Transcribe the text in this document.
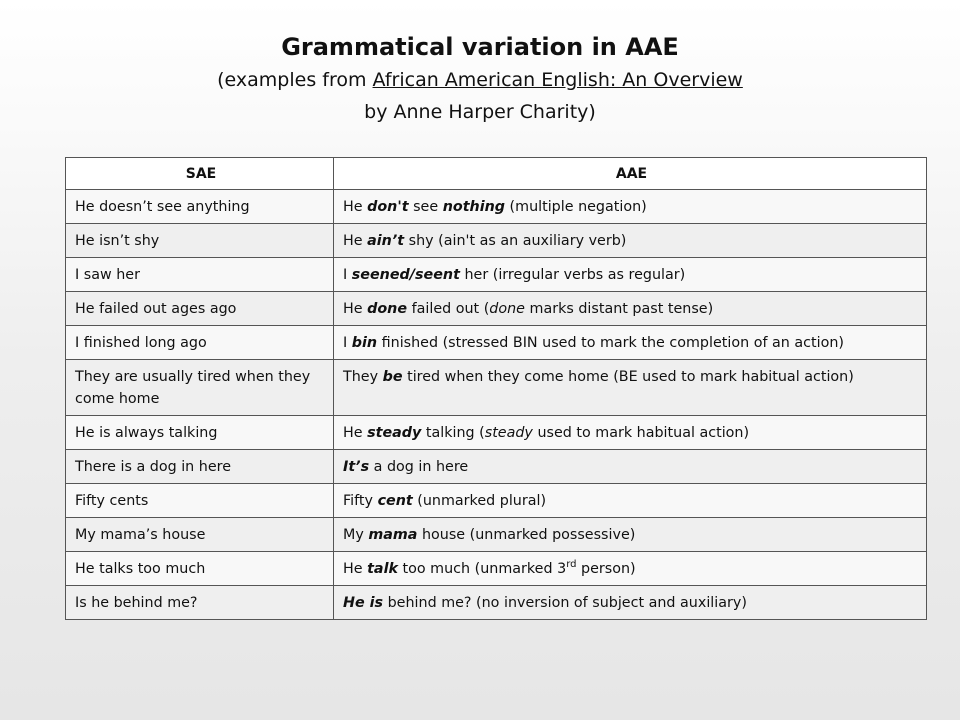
Grammatical variation in AAE
(examples from African American English: An Overview
by Anne Harper Charity)
SAE	AAE
He doesn’t see anything	He don't see nothing (multiple negation)
He isn’t shy	He ain’t shy (ain't as an auxiliary verb)
I saw her	I seened/seent her (irregular verbs as regular)
He failed out ages ago	He done failed out (done marks distant past tense)
I finished long ago	I bin finished (stressed BIN used to mark the completion of an action)
They are usually tired when they come home	They be tired when they come home (BE used to mark habitual action)
He is always talking	He steady talking (steady used to mark habitual action)
There is a dog in here	It’s a dog in here
Fifty cents	Fifty cent (unmarked plural)
My mama’s house	My mama house (unmarked possessive)
He talks too much	He talk too much (unmarked 3rd person)
Is he behind me?	He is behind me? (no inversion of subject and auxiliary)
